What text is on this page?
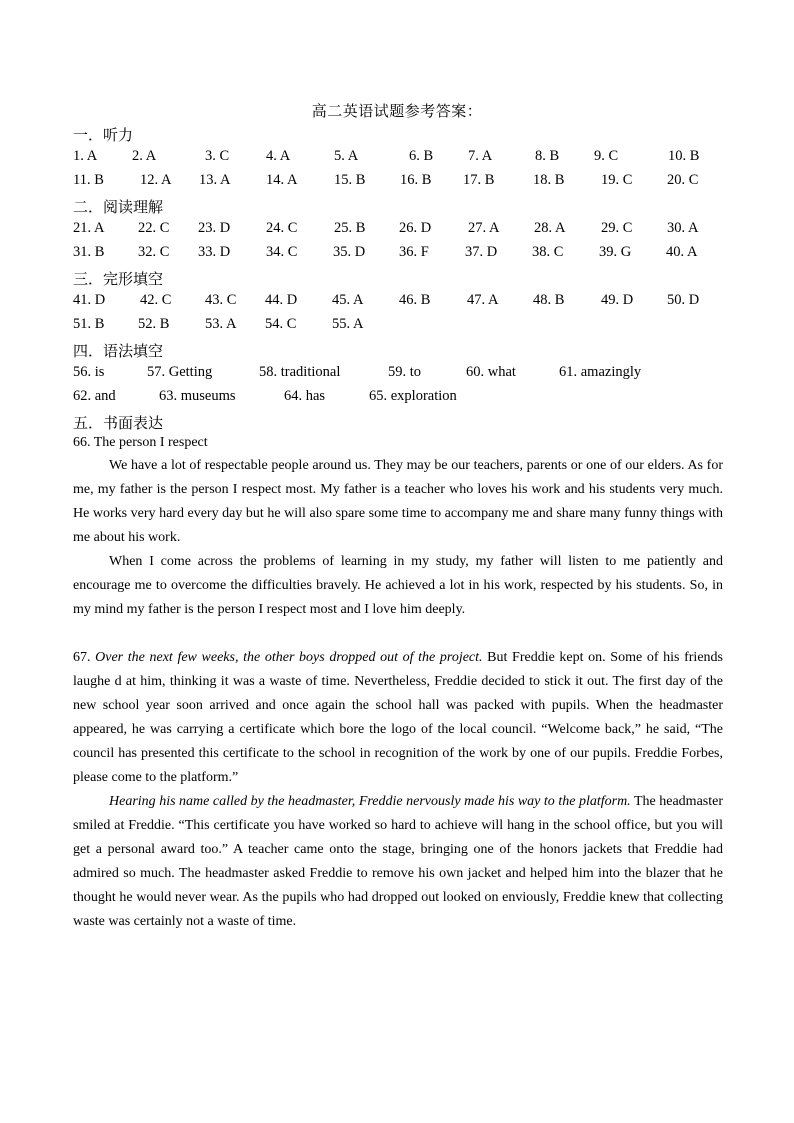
高二英语试题参考答案：
一．听力
1. A 2. A	3. C	4. A	5. A	6. B 7. A	8. B 9. C	10. B
11. B 12. A 13. A 14. A	15. B 16. B 17. B	18. B	19. C 20. C
二．阅读理解
21. A 22. C 23. D 24. C	25. B 26. D	27. A 28. A 29. C 30. A
31. B 32. C 33. D 34. C 35. D 36. F 37. D 38. C 39. G 40. A
三．完形填空
41. D 42. C 43. C 44. D 45. A 46. B	47. A 48. B	49. D 50. D
51. B 52. B 53. A 54. C 55. A
四．语法填空
56. is	57. Getting	58. traditional	59. to	60. what	61. amazingly
62. and	63. museums	64. has	65. exploration
五．书面表达
66. The person I respect

We have a lot of respectable people around us. They may be our teachers, parents or one of our elders. As for me, my father is the person I respect most. My father is a teacher who loves his work and his students very much. He works very hard every day but he will also spare some time to accompany me and share many funny things with me about his work.

When I come across the problems of learning in my study, my father will listen to me patiently and encourage me to overcome the difficulties bravely. He achieved a lot in his work, respected by his students. So, in my mind my father is the person I respect most and I love him deeply.

67. Over the next few weeks, the other boys dropped out of the project. But Freddie kept on. Some of his friends laughe d at him, thinking it was a waste of time. Nevertheless, Freddie decided to stick it out. The first day of the new school year soon arrived and once again the school hall was packed with pupils. When the headmaster appeared, he was carrying a certificate which bore the logo of the local council. “Welcome back,” he said, “The council has presented this certificate to the school in recognition of the work by one of our pupils. Freddie Forbes, please come to the platform.”

Hearing his name called by the headmaster, Freddie nervously made his way to the platform. The headmaster smiled at Freddie. “This certificate you have worked so hard to achieve will hang in the school office, but you will get a personal award too.” A teacher came onto the stage, bringing one of the honors jackets that Freddie had admired so much. The headmaster asked Freddie to remove his own jacket and helped him into the blazer that he thought he would never wear. As the pupils who had dropped out looked on enviously, Freddie knew that collecting waste was certainly not a waste of time.
